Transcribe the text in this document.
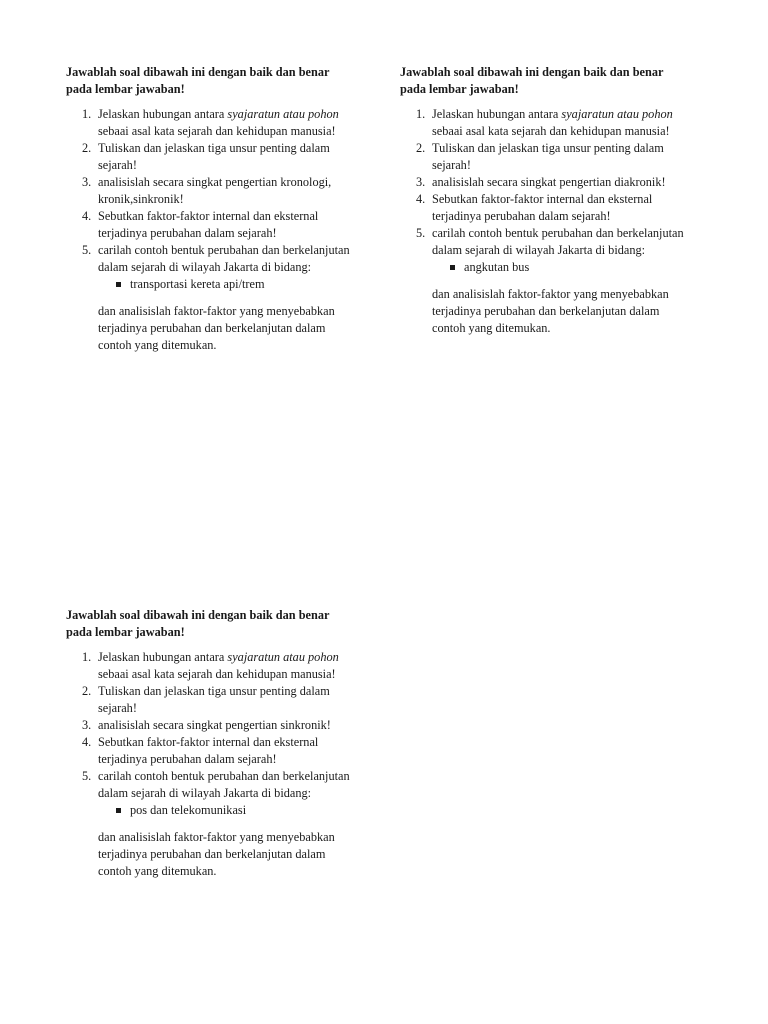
Jawablah soal dibawah ini dengan baik dan benar pada lembar jawaban!

1. Jelaskan hubungan antara syajaratun atau pohon sebaai asal kata sejarah dan kehidupan manusia!
2. Tuliskan dan jelaskan tiga unsur penting dalam sejarah!
3. analisislah secara singkat pengertian kronologi, kronik,sinkronik!
4. Sebutkan faktor-faktor internal dan eksternal terjadinya perubahan dalam sejarah!
5. carilah contoh bentuk perubahan dan berkelanjutan dalam sejarah di wilayah Jakarta di bidang:
transportasi kereta api/trem

dan analisislah faktor-faktor yang menyebabkan terjadinya perubahan dan berkelanjutan dalam contoh yang ditemukan.

Jawablah soal dibawah ini dengan baik dan benar pada lembar jawaban!

1. Jelaskan hubungan antara syajaratun atau pohon sebaai asal kata sejarah dan kehidupan manusia!
2. Tuliskan dan jelaskan tiga unsur penting dalam sejarah!
3. analisislah secara singkat pengertian diakronik!
4. Sebutkan faktor-faktor internal dan eksternal terjadinya perubahan dalam sejarah!
5. carilah contoh bentuk perubahan dan berkelanjutan dalam sejarah di wilayah Jakarta di bidang:
angkutan bus

dan analisislah faktor-faktor yang menyebabkan terjadinya perubahan dan berkelanjutan dalam contoh yang ditemukan.

Jawablah soal dibawah ini dengan baik dan benar pada lembar jawaban!

1. Jelaskan hubungan antara syajaratun atau pohon sebaai asal kata sejarah dan kehidupan manusia!
2. Tuliskan dan jelaskan tiga unsur penting dalam sejarah!
3. analisislah secara singkat pengertian sinkronik!
4. Sebutkan faktor-faktor internal dan eksternal terjadinya perubahan dalam sejarah!
5. carilah contoh bentuk perubahan dan berkelanjutan dalam sejarah di wilayah Jakarta di bidang:
pos dan telekomunikasi

dan analisislah faktor-faktor yang menyebabkan terjadinya perubahan dan berkelanjutan dalam contoh yang ditemukan.
